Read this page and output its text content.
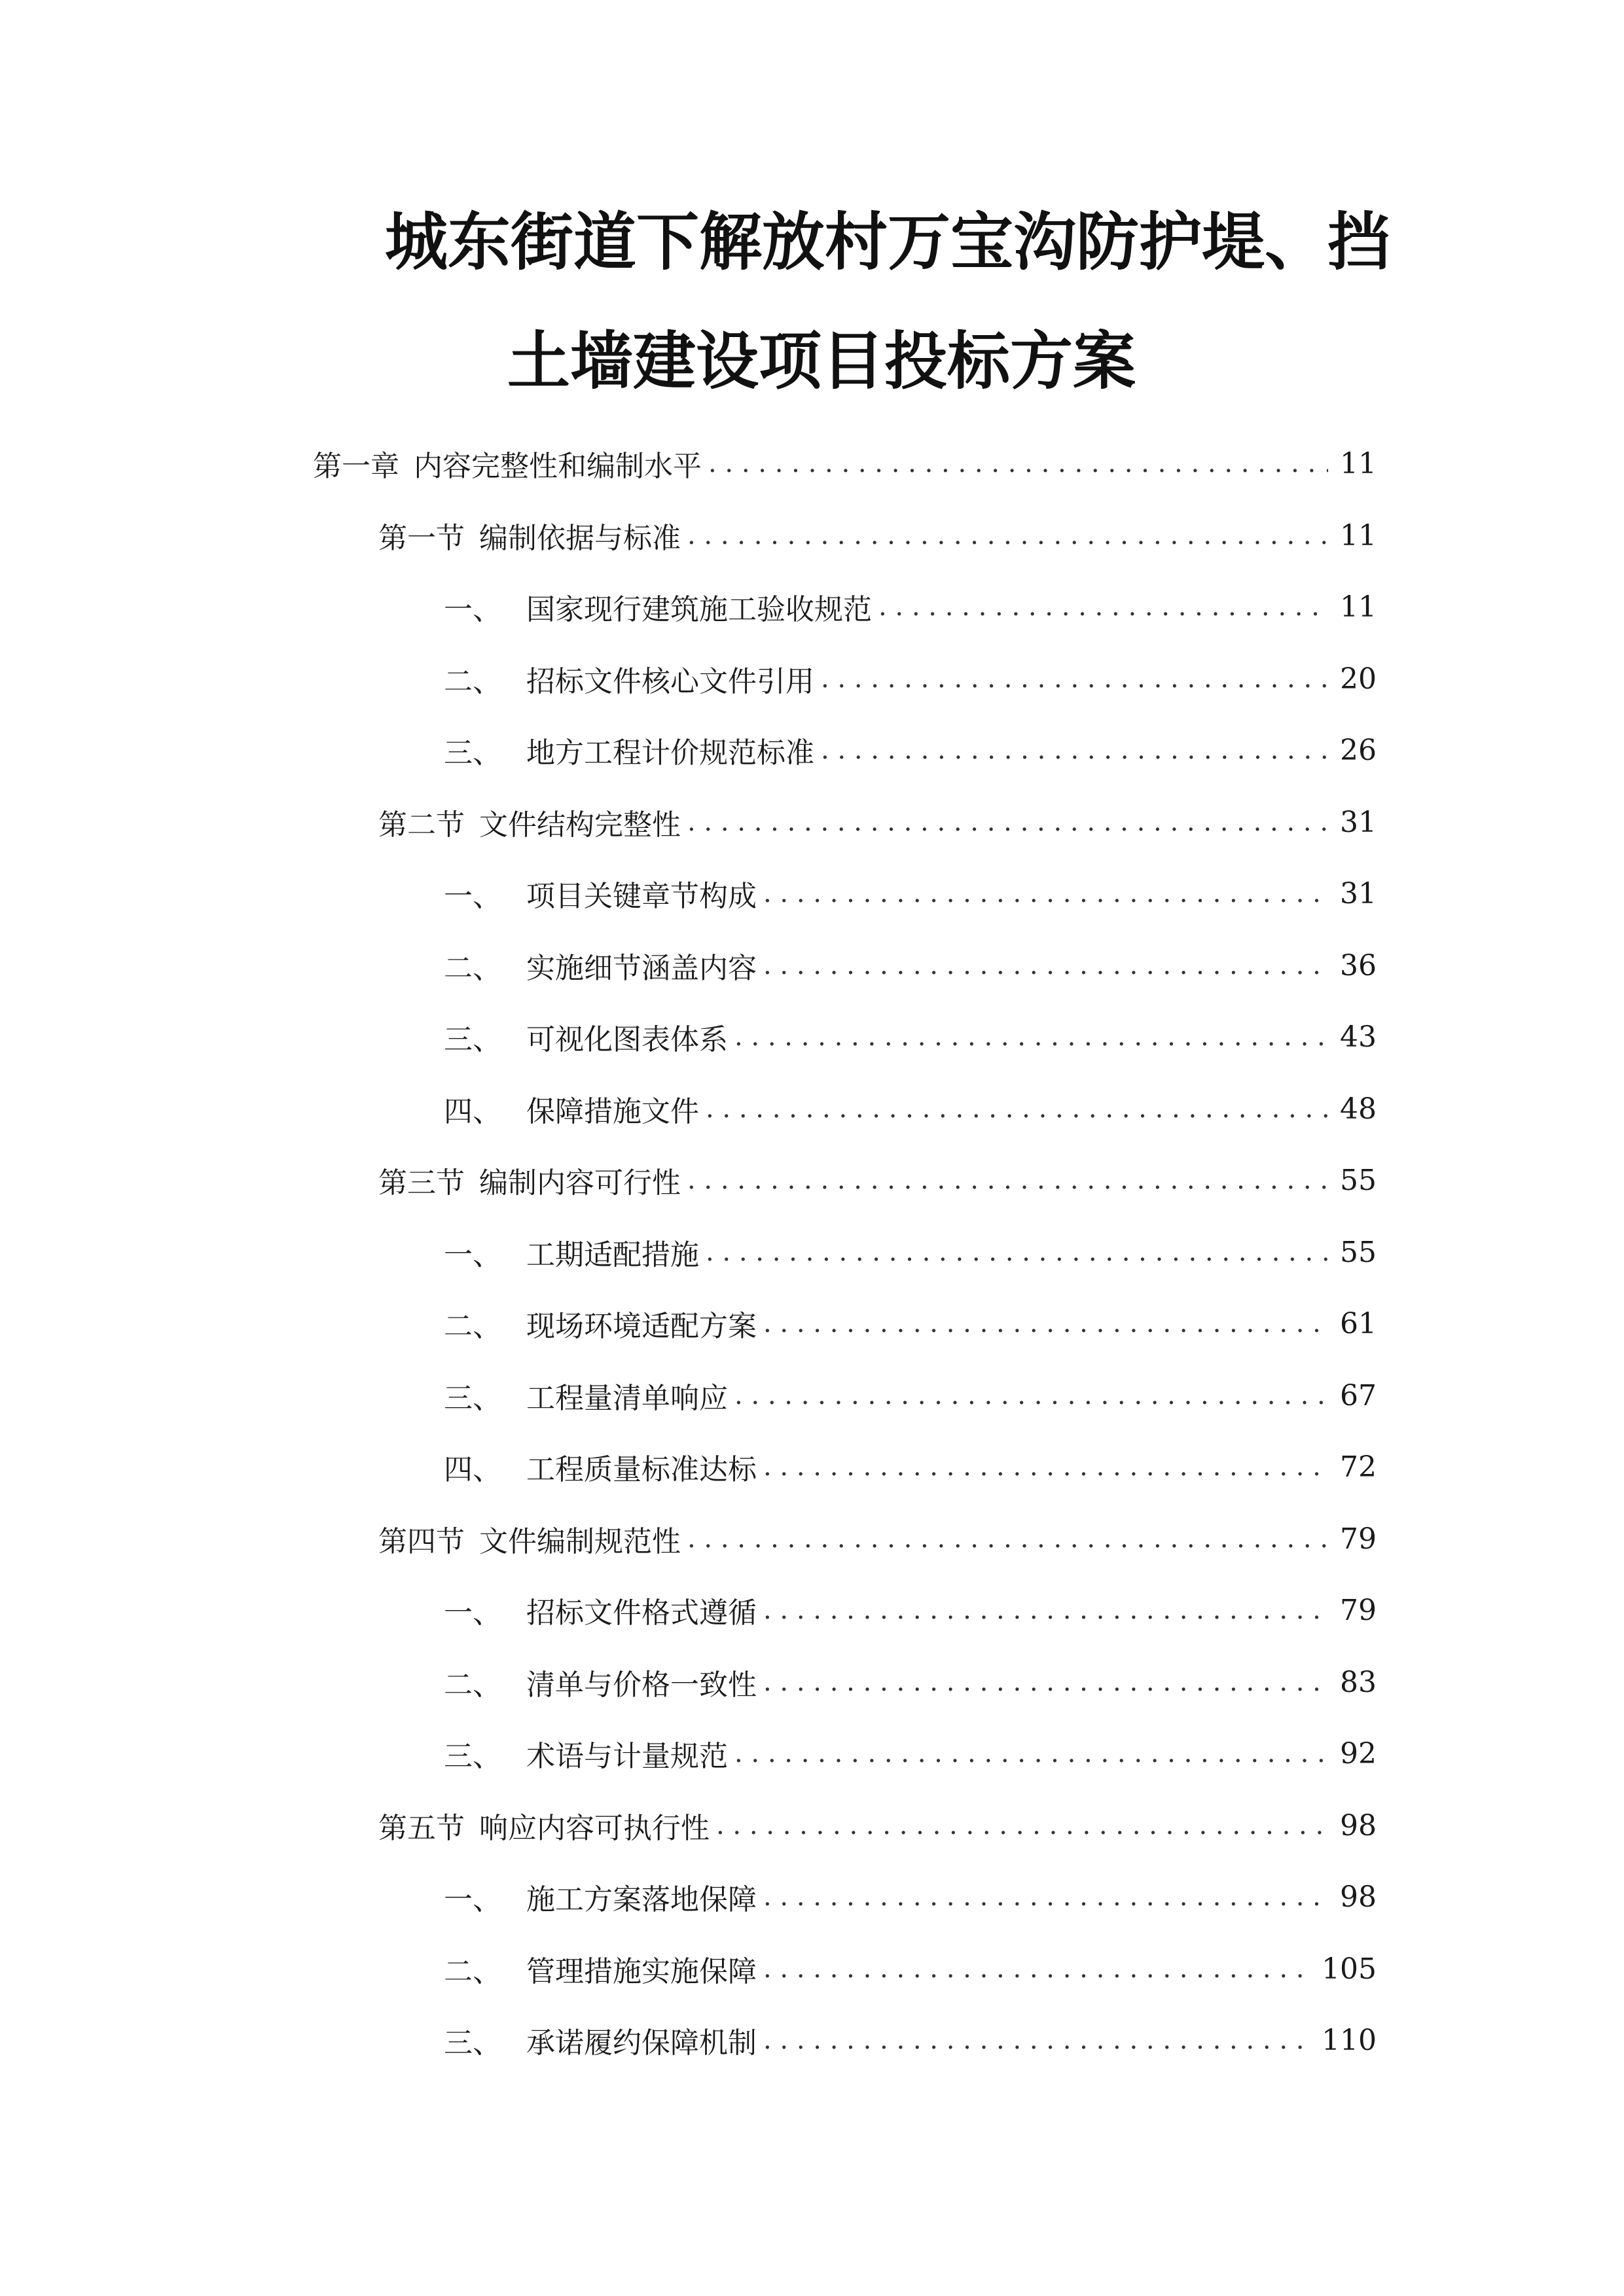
城东街道下解放村万宝沟防护堤、挡
土墙建设项目投标方案
第一章 内容完整性和编制水平 . . .	11
第一节 编制依据与标准 . . .	11
一、 国家现行建筑施工验收规范 . . .	11
二、 招标文件核心文件引用 . . .	20
三、 地方工程计价规范标准 . . .	26
第二节 文件结构完整性 . . .	31
一、 项目关键章节构成 . . .	31
二、 实施细节涵盖内容 . . .	36
三、 可视化图表体系 . . .	43
四、 保障措施文件 . . .	48
第三节 编制内容可行性 . . .	55
一、 工期适配措施 . . .	55
二、 现场环境适配方案 . . .	61
三、 工程量清单响应 . . .	67
四、 工程质量标准达标 . . .	72
第四节 文件编制规范性 . . .	79
一、 招标文件格式遵循 . . .	79
二、 清单与价格一致性 . . .	83
三、 术语与计量规范 . . .	92
第五节 响应内容可执行性 . . .	98
一、 施工方案落地保障 . . .	98
二、 管理措施实施保障 . . .	105
三、 承诺履约保障机制 . . .	110
